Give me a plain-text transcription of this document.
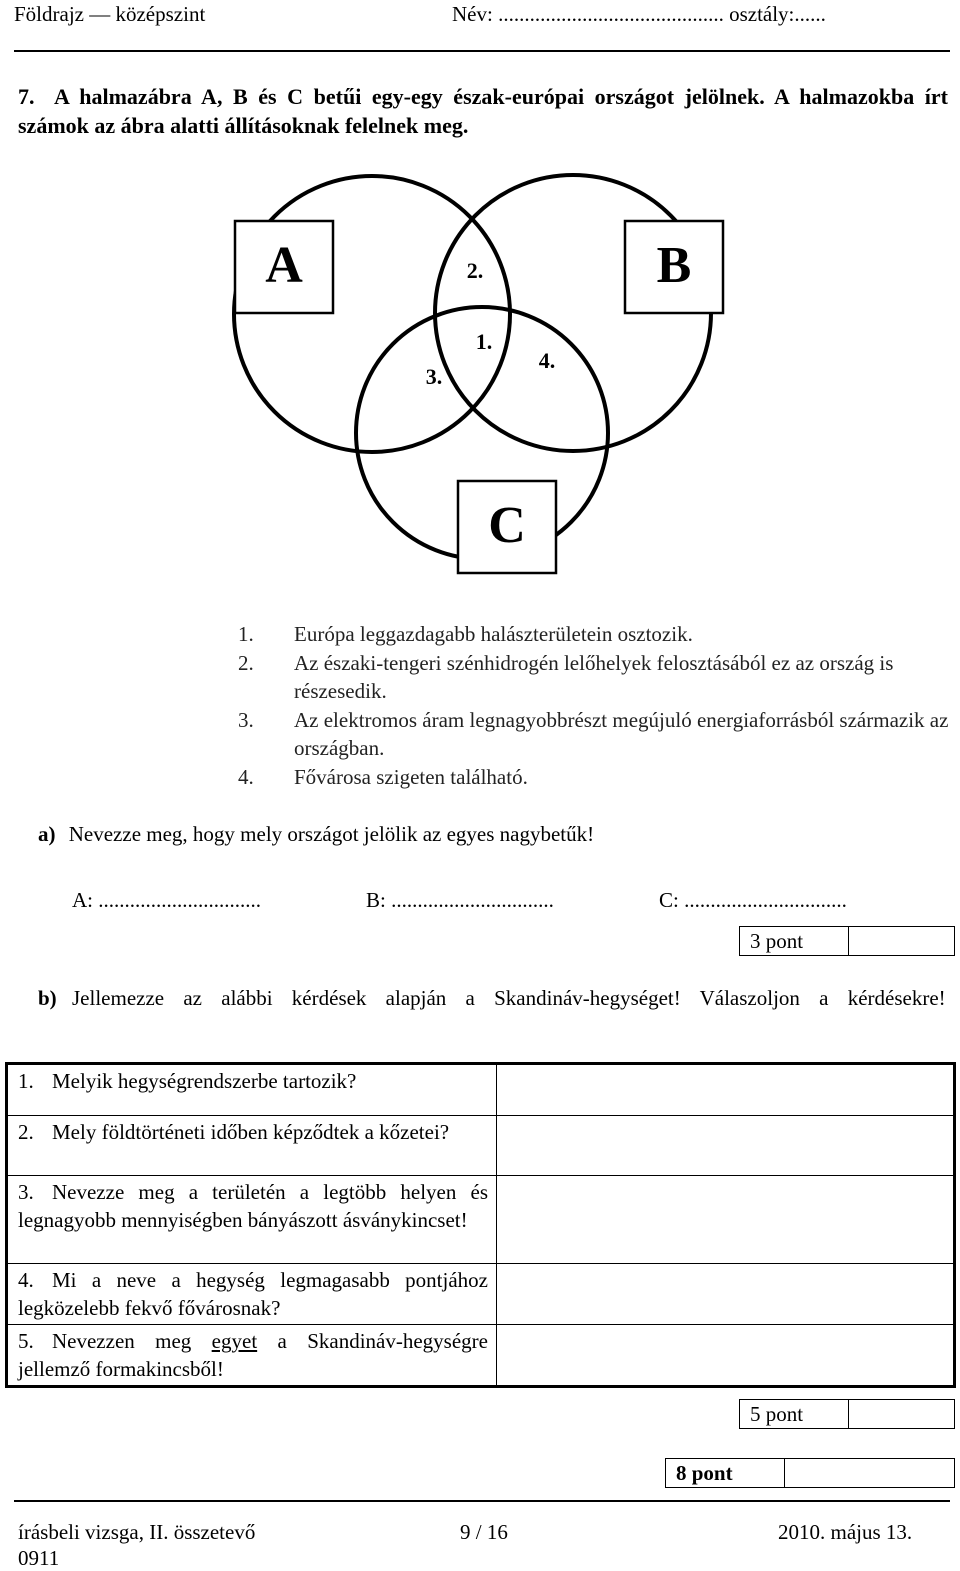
Földrajz — középszint	Név: ........................................... osztály:......
7. A halmazábra A, B és C betűi egy-egy észak-európai országot jelölnek. A halmazokba írt számok az ábra alatti állításoknak felelnek meg.
A	B
C
2.
1.
3.
4.
1. Európa leggazdagabb halászterületein osztozik.
2. Az északi-tengeri szénhidrogén lelőhelyek felosztásából ez az ország is részesedik.
3. Az elektromos áram legnagyobbrészt megújuló energiaforrásból származik az országban.
4. Fővárosa szigeten található.
a) Nevezze meg, hogy mely országot jelölik az egyes nagybetűk!
A: ...............................	B: ...............................	C: ...............................
3 pont
b) Jellemezze az alábbi kérdések alapján a Skandináv-hegységet! Válaszoljon a kérdésekre!
1. Melyik hegységrendszerbe tartozik?	
2. Mely földtörténeti időben képződtek a kőzetei?	
3. Nevezze meg a területén a legtöbb helyen és legnagyobb mennyiségben bányászott ásványkincset!	
4. Mi a neve a hegység legmagasabb pontjához legközelebb fekvő fővárosnak?	
5. Nevezzen meg egyet a Skandináv-hegységre jellemző formakincsből!	
5 pont
8 pont
írásbeli vizsga, II. összetevő
0911
9 / 16	2010. május 13.
